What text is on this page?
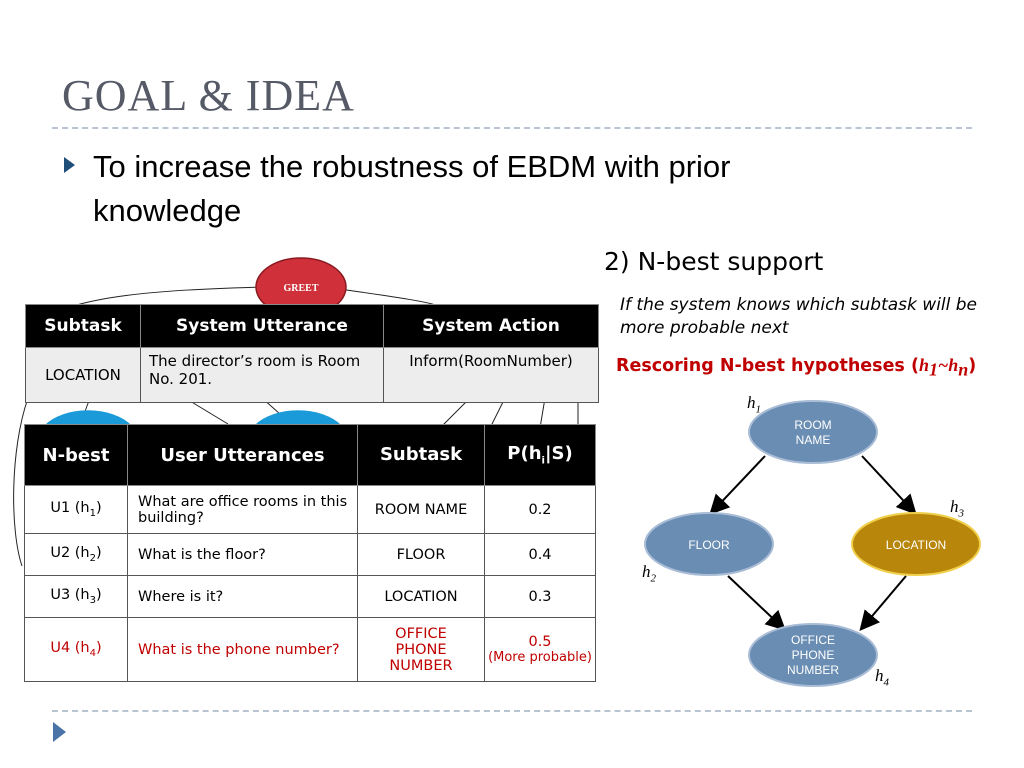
GOAL & IDEA
To increase the robustness of EBDM with prior knowledge
2) N-best support
If the system knows which subtask will be more probable next
Rescoring N-best hypotheses $(h_1\sim h_n)$
GREET
ROOM
NAME
FLOOR	LOCATION
OFFICE
PHONE
NUMBER
$h_1$
$h_2$
$h_3$
$h_4$
Subtask	System Utterance	System Action
LOCATION	The director’s room is Room No. 201.	Inform(RoomNumber)
N-best	User Utterances	Subtask	$P(h_i|S)$
U1 $(h_1)$	What are office rooms in this building?	ROOM NAME	0.2
U2 $(h_2)$	What is the floor?	FLOOR	0.4
U3 $(h_3)$	Where is it?	LOCATION	0.3
U4 $(h_4)$	What is the phone number?	OFFICE PHONE NUMBER	0.5
(More probable)
